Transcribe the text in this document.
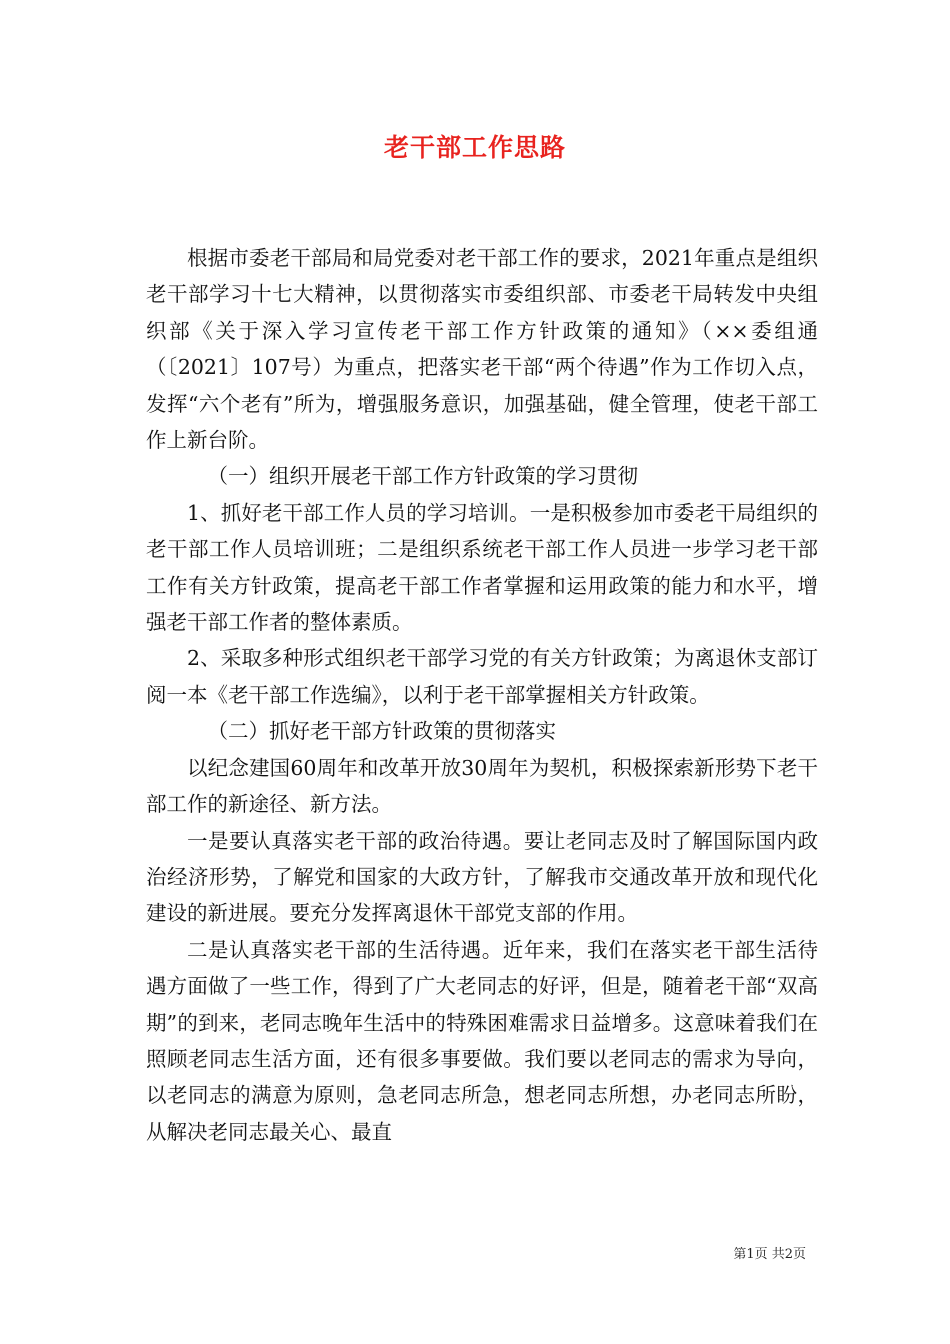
老干部工作思路

根据市委老干部局和局党委对老干部工作的要求，2021年重点是组织老干部学习十七大精神，以贯彻落实市委组织部、市委老干局转发中央组织部《关于深入学习宣传老干部工作方针政策的通知》（××委组通（〔2021〕107号）为重点，把落实老干部“两个待遇”作为工作切入点，发挥“六个老有”所为，增强服务意识，加强基础，健全管理，使老干部工作上新台阶。

（一）组织开展老干部工作方针政策的学习贯彻

1、抓好老干部工作人员的学习培训。一是积极参加市委老干局组织的老干部工作人员培训班；二是组织系统老干部工作人员进一步学习老干部工作有关方针政策，提高老干部工作者掌握和运用政策的能力和水平，增强老干部工作者的整体素质。

2、采取多种形式组织老干部学习党的有关方针政策；为离退休支部订阅一本《老干部工作选编》，以利于老干部掌握相关方针政策。

（二）抓好老干部方针政策的贯彻落实

以纪念建国60周年和改革开放30周年为契机，积极探索新形势下老干部工作的新途径、新方法。

一是要认真落实老干部的政治待遇。要让老同志及时了解国际国内政治经济形势，了解党和国家的大政方针，了解我市交通改革开放和现代化建设的新进展。要充分发挥离退休干部党支部的作用。

二是认真落实老干部的生活待遇。近年来，我们在落实老干部生活待遇方面做了一些工作，得到了广大老同志的好评，但是，随着老干部“双高期”的到来，老同志晚年生活中的特殊困难需求日益增多。这意味着我们在照顾老同志生活方面，还有很多事要做。我们要以老同志的需求为导向，以老同志的满意为原则，急老同志所急，想老同志所想，办老同志所盼，从解决老同志最关心、最直

第1页 共2页
